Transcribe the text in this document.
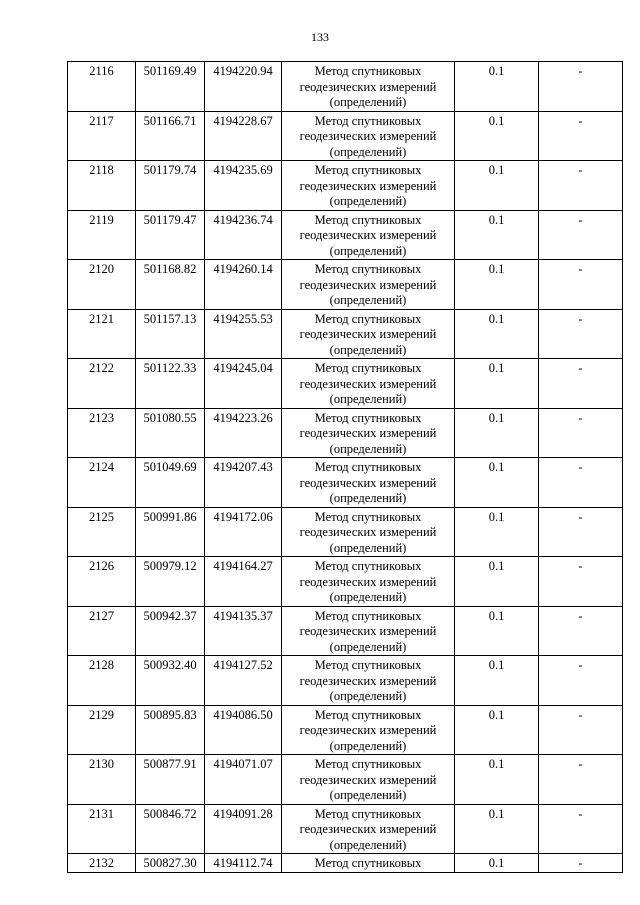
133
2116	501169.49	4194220.94	Метод спутниковых
геодезических измерений
(определений)	0.1	-
2117	501166.71	4194228.67	Метод спутниковых
геодезических измерений
(определений)	0.1	-
2118	501179.74	4194235.69	Метод спутниковых
геодезических измерений
(определений)	0.1	-
2119	501179.47	4194236.74	Метод спутниковых
геодезических измерений
(определений)	0.1	-
2120	501168.82	4194260.14	Метод спутниковых
геодезических измерений
(определений)	0.1	-
2121	501157.13	4194255.53	Метод спутниковых
геодезических измерений
(определений)	0.1	-
2122	501122.33	4194245.04	Метод спутниковых
геодезических измерений
(определений)	0.1	-
2123	501080.55	4194223.26	Метод спутниковых
геодезических измерений
(определений)	0.1	-
2124	501049.69	4194207.43	Метод спутниковых
геодезических измерений
(определений)	0.1	-
2125	500991.86	4194172.06	Метод спутниковых
геодезических измерений
(определений)	0.1	-
2126	500979.12	4194164.27	Метод спутниковых
геодезических измерений
(определений)	0.1	-
2127	500942.37	4194135.37	Метод спутниковых
геодезических измерений
(определений)	0.1	-
2128	500932.40	4194127.52	Метод спутниковых
геодезических измерений
(определений)	0.1	-
2129	500895.83	4194086.50	Метод спутниковых
геодезических измерений
(определений)	0.1	-
2130	500877.91	4194071.07	Метод спутниковых
геодезических измерений
(определений)	0.1	-
2131	500846.72	4194091.28	Метод спутниковых
геодезических измерений
(определений)	0.1	-
2132	500827.30	4194112.74	Метод спутниковых	0.1	-
